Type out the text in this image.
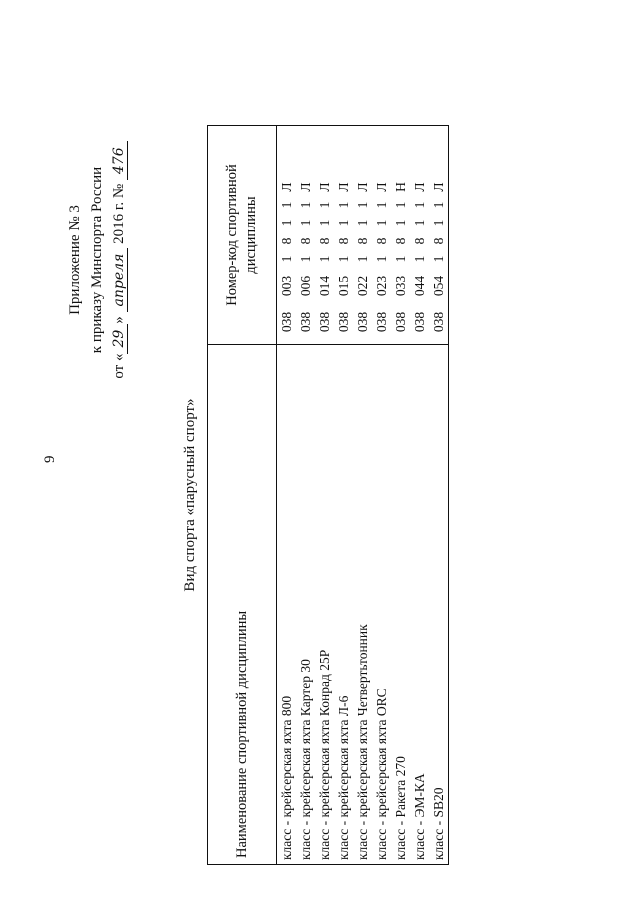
9
Приложение № 3 к приказу Минспорта России
от «29» апреля 2016 г. № 476
Вид спорта «парусный спорт»
Наименование спортивной дисциплины	Номер-код спортивной дисциплины
класс - крейсерская яхта 800	0380031811Л
класс - крейсерская яхта Картер 30	0380061811Л
класс - крейсерская яхта Конрад 25Р	0380141811Л
класс - крейсерская яхта Л-6	0380151811Л
класс - крейсерская яхта Четвертьтонник	0380221811Л
класс - крейсерская яхта ORC	0380231811Л
класс - Ракета 270	0380331811Н
класс - ЭМ-КА	0380441811Л
класс - SB20	0380541811Л
